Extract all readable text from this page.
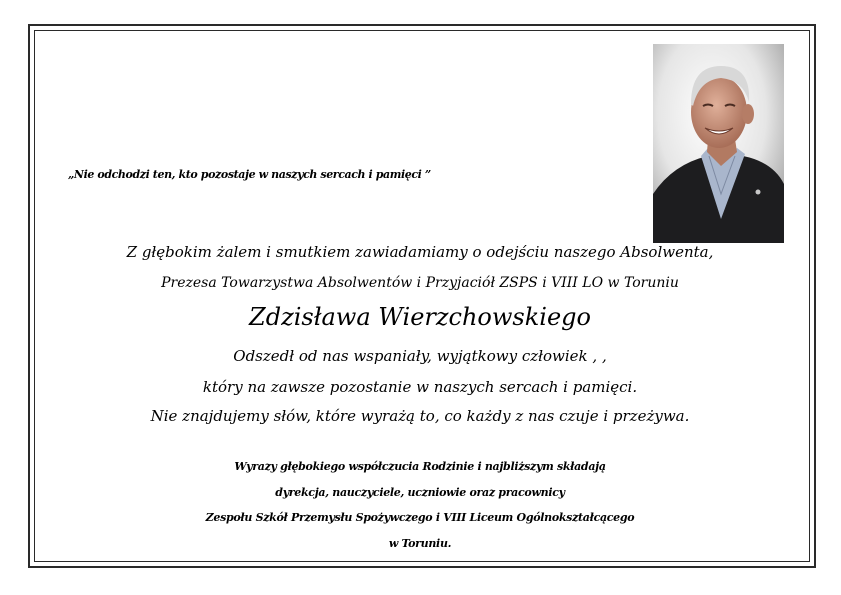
„Nie odchodzi ten, kto pozostaje w naszych sercach i pamięci ”
Z głębokim żalem i smutkiem zawiadamiamy o odejściu naszego Absolwenta,
Prezesa Towarzystwa Absolwentów i Przyjaciół ZSPS i VIII LO w Toruniu
Zdzisława Wierzchowskiego
Odszedł od nas wspaniały, wyjątkowy człowiek , ,
który na zawsze pozostanie w naszych sercach i pamięci.
Nie znajdujemy słów, które wyrażą to, co każdy z nas czuje i przeżywa.
Wyrazy głębokiego współczucia Rodzinie i najbliższym składają
dyrekcja, nauczyciele, uczniowie oraz pracownicy
Zespołu Szkół Przemysłu Spożywczego i VIII Liceum Ogólnokształcącego
w Toruniu.
